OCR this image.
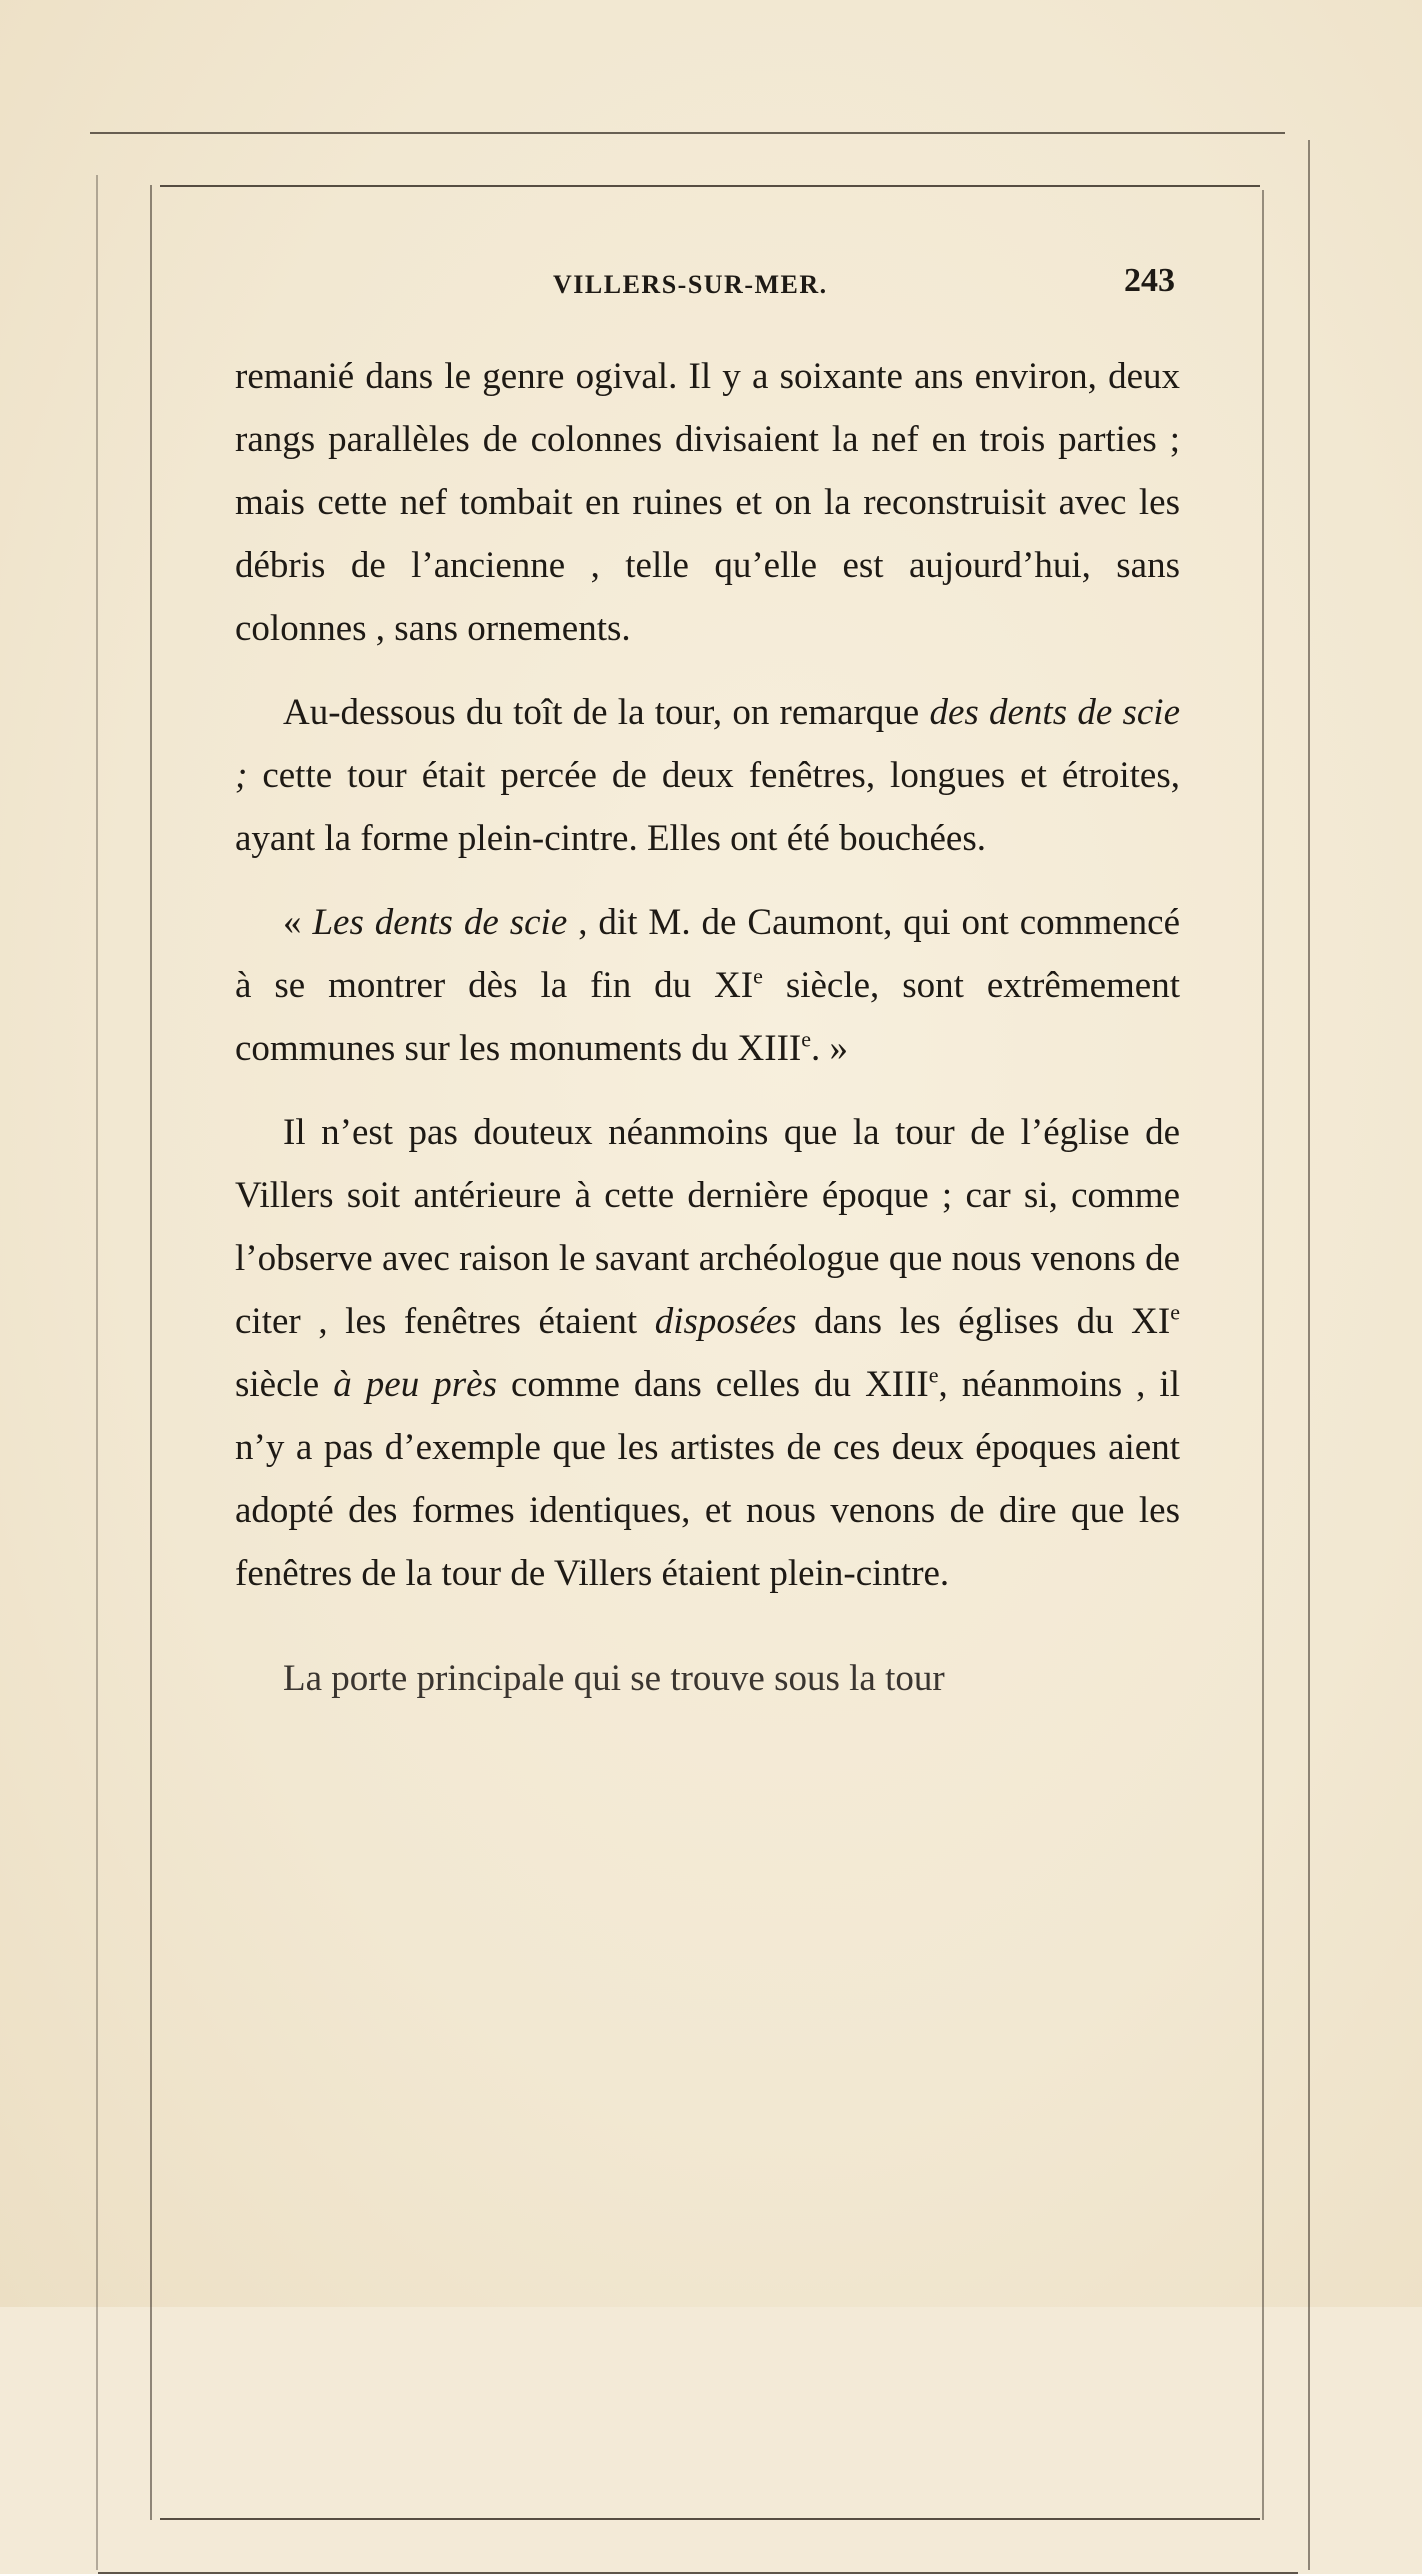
VILLERS-SUR-MER.	243

remanié dans le genre ogival. Il y a soixante ans environ, deux rangs parallèles de colonnes divisaient la nef en trois parties ; mais cette nef tombait en ruines et on la reconstruisit avec les débris de l’ancienne , telle qu’elle est aujourd’hui, sans colonnes , sans ornements.

Au-dessous du toît de la tour, on remarque des dents de scie ; cette tour était percée de deux fenêtres, longues et étroites, ayant la forme plein-cintre. Elles ont été bouchées.

« Les dents de scie , dit M. de Caumont, qui ont commencé à se montrer dès la fin du XIe siècle, sont extrêmement communes sur les monuments du XIIIe. »

Il n’est pas douteux néanmoins que la tour de l’église de Villers soit antérieure à cette dernière époque ; car si, comme l’observe avec raison le savant archéologue que nous venons de citer , les fenêtres étaient disposées dans les églises du XIe siècle à peu près comme dans celles du XIIIe, néanmoins , il n’y a pas d’exemple que les artistes de ces deux époques aient adopté des formes identiques, et nous venons de dire que les fenêtres de la tour de Villers étaient plein-cintre.

La porte principale qui se trouve sous la tour
